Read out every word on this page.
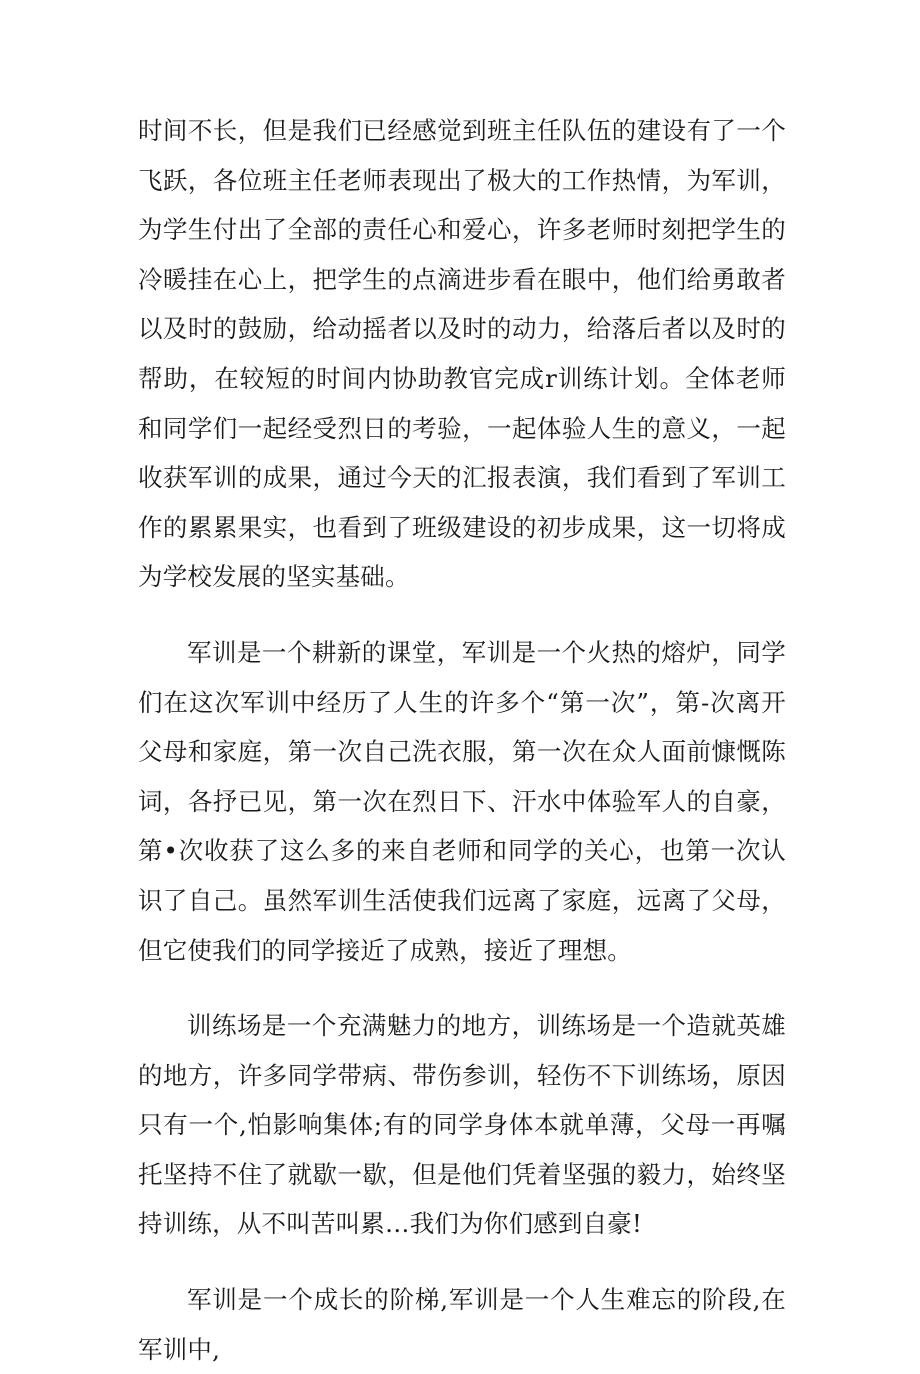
时间不长，但是我们已经感觉到班主任队伍的建设有了一个飞跃，各位班主任老师表现出了极大的工作热情，为军训，为学生付出了全部的责任心和爱心，许多老师时刻把学生的冷暖挂在心上，把学生的点滴进步看在眼中，他们给勇敢者以及时的鼓励，给动摇者以及时的动力，给落后者以及时的帮助，在较短的时间内协助教官完成r训练计划。全体老师和同学们一起经受烈日的考验，一起体验人生的意义，一起收获军训的成果，通过今天的汇报表演，我们看到了军训工作的累累果实，也看到了班级建设的初步成果，这一切将成为学校发展的坚实基础。

军训是一个耕新的课堂，军训是一个火热的熔炉，同学们在这次军训中经历了人生的许多个“第一次”，第-次离开父母和家庭，第一次自己洗衣服，第一次在众人面前慷慨陈词，各抒已见，第一次在烈日下、汗水中体验军人的自豪，第•次收获了这么多的来自老师和同学的关心，也第一次认识了自己。虽然军训生活使我们远离了家庭，远离了父母，但它使我们的同学接近了成熟，接近了理想。

训练场是一个充满魅力的地方，训练场是一个造就英雄的地方，许多同学带病、带伤参训，轻伤不下训练场，原因只有一个,怕影响集体;有的同学身体本就单薄，父母一再嘱托坚持不住了就歇一歇，但是他们凭着坚强的毅力，始终坚持训练，从不叫苦叫累…我们为你们感到自豪!

军训是一个成长的阶梯,军训是一个人生难忘的阶段,在军训中,
